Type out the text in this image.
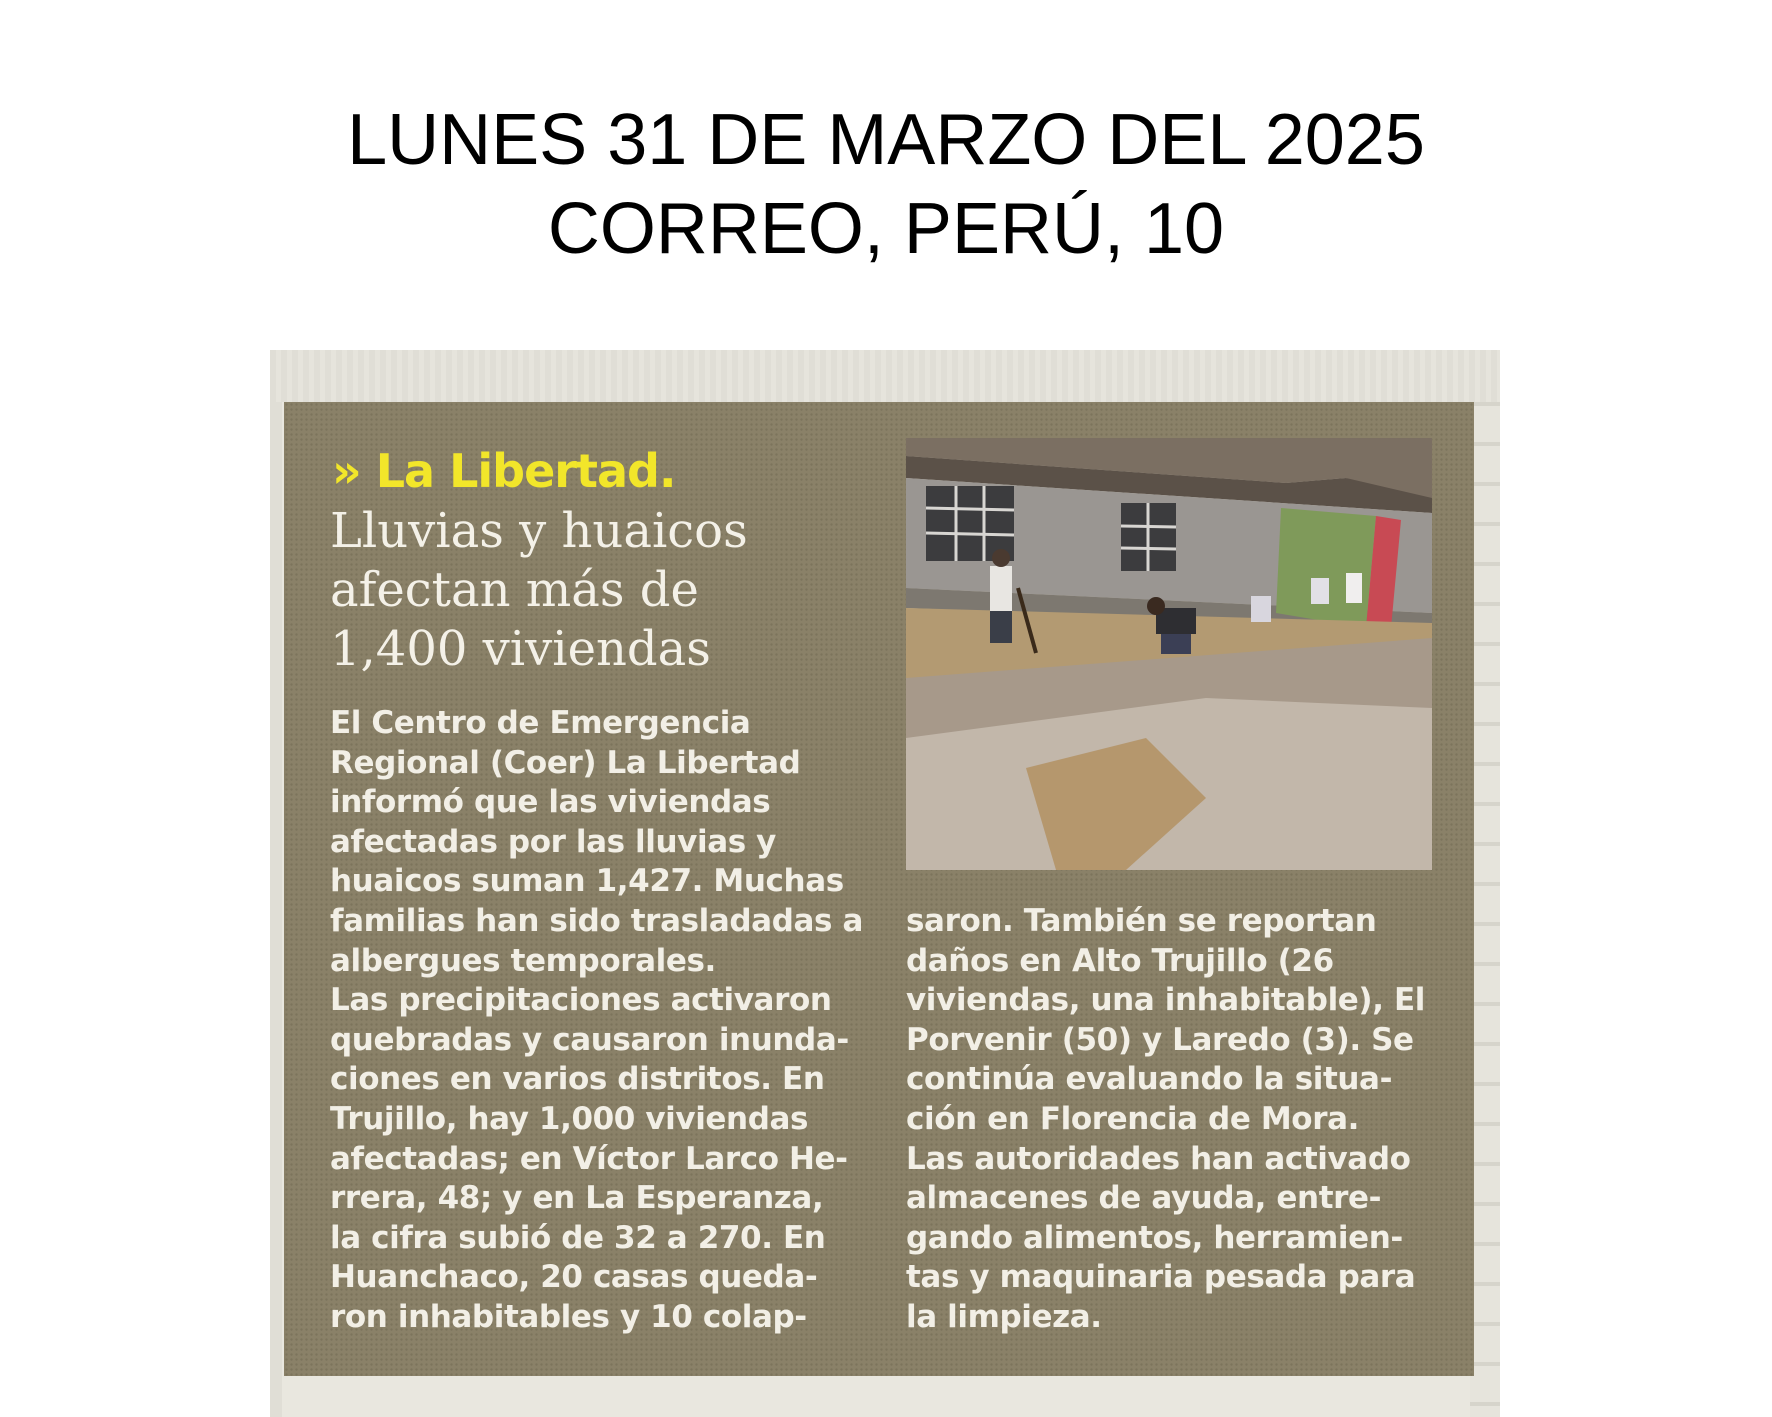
LUNES 31 DE MARZO DEL 2025
CORREO, PERÚ, 10
» La Libertad.
Lluvias y huaicos
afectan más de
1,400 viviendas
El Centro de Emergencia
Regional (Coer) La Libertad
informó que las viviendas
afectadas por las lluvias y
huaicos suman 1,427. Muchas
familias han sido trasladadas a
albergues temporales.
Las precipitaciones activaron
quebradas y causaron inunda-
ciones en varios distritos. En
Trujillo, hay 1,000 viviendas
afectadas; en Víctor Larco He-
rrera, 48; y en La Esperanza,
la cifra subió de 32 a 270. En
Huanchaco, 20 casas queda-
ron inhabitables y 10 colap-
saron. También se reportan
daños en Alto Trujillo (26
viviendas, una inhabitable), El
Porvenir (50) y Laredo (3). Se
continúa evaluando la situa-
ción en Florencia de Mora.
Las autoridades han activado
almacenes de ayuda, entre-
gando alimentos, herramien-
tas y maquinaria pesada para
la limpieza.
